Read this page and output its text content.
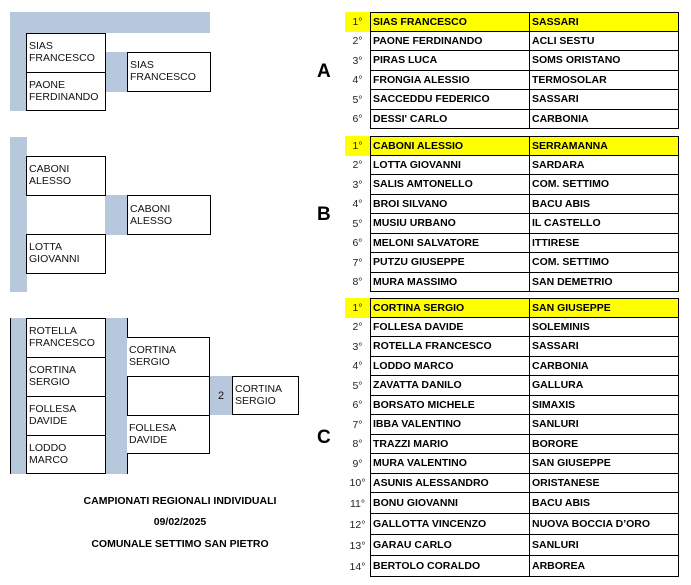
SIAS FRANCESCO
PAONE FERDINANDO
SIAS FRANCESCO
CABONI ALESSO
LOTTA GIOVANNI
CABONI ALESSO
ROTELLA FRANCESCO
CORTINA SERGIO
FOLLESA DAVIDE
LODDO MARCO
CORTINA SERGIO
FOLLESA DAVIDE
2
CORTINA SERGIO
CAMPIONATI REGIONALI INDIVIDUALI
09/02/2025
COMUNALE SETTIMO SAN PIETRO
A
B
C
1° SIAS FRANCESCO	SASSARI
2° PAONE FERDINANDO	ACLI SESTU
3° PIRAS LUCA	SOMS ORISTANO
4° FRONGIA ALESSIO	TERMOSOLAR
5° SACCEDDU FEDERICO	SASSARI
6° DESSI' CARLO	CARBONIA
1° CABONI ALESSIO	SERRAMANNA
2° LOTTA GIOVANNI	SARDARA
3° SALIS AMTONELLO	COM. SETTIMO
4° BROI SILVANO	BACU ABIS
5° MUSIU URBANO	IL CASTELLO
6° MELONI SALVATORE	ITTIRESE
7° PUTZU GIUSEPPE	COM. SETTIMO
8° MURA MASSIMO	SAN DEMETRIO
1° CORTINA SERGIO	SAN GIUSEPPE
2° FOLLESA DAVIDE	SOLEMINIS
3° ROTELLA FRANCESCO	SASSARI
4° LODDO MARCO	CARBONIA
5° ZAVATTA DANILO	GALLURA
6° BORSATO MICHELE	SIMAXIS
7° IBBA VALENTINO	SANLURI
8° TRAZZI MARIO	BORORE
9° MURA VALENTINO	SAN GIUSEPPE
10° ASUNIS ALESSANDRO	ORISTANESE
11° BONU GIOVANNI	BACU ABIS
12° GALLOTTA VINCENZO	NUOVA BOCCIA D’ORO
13° GARAU CARLO	SANLURI
14° BERTOLO CORALDO	ARBOREA
